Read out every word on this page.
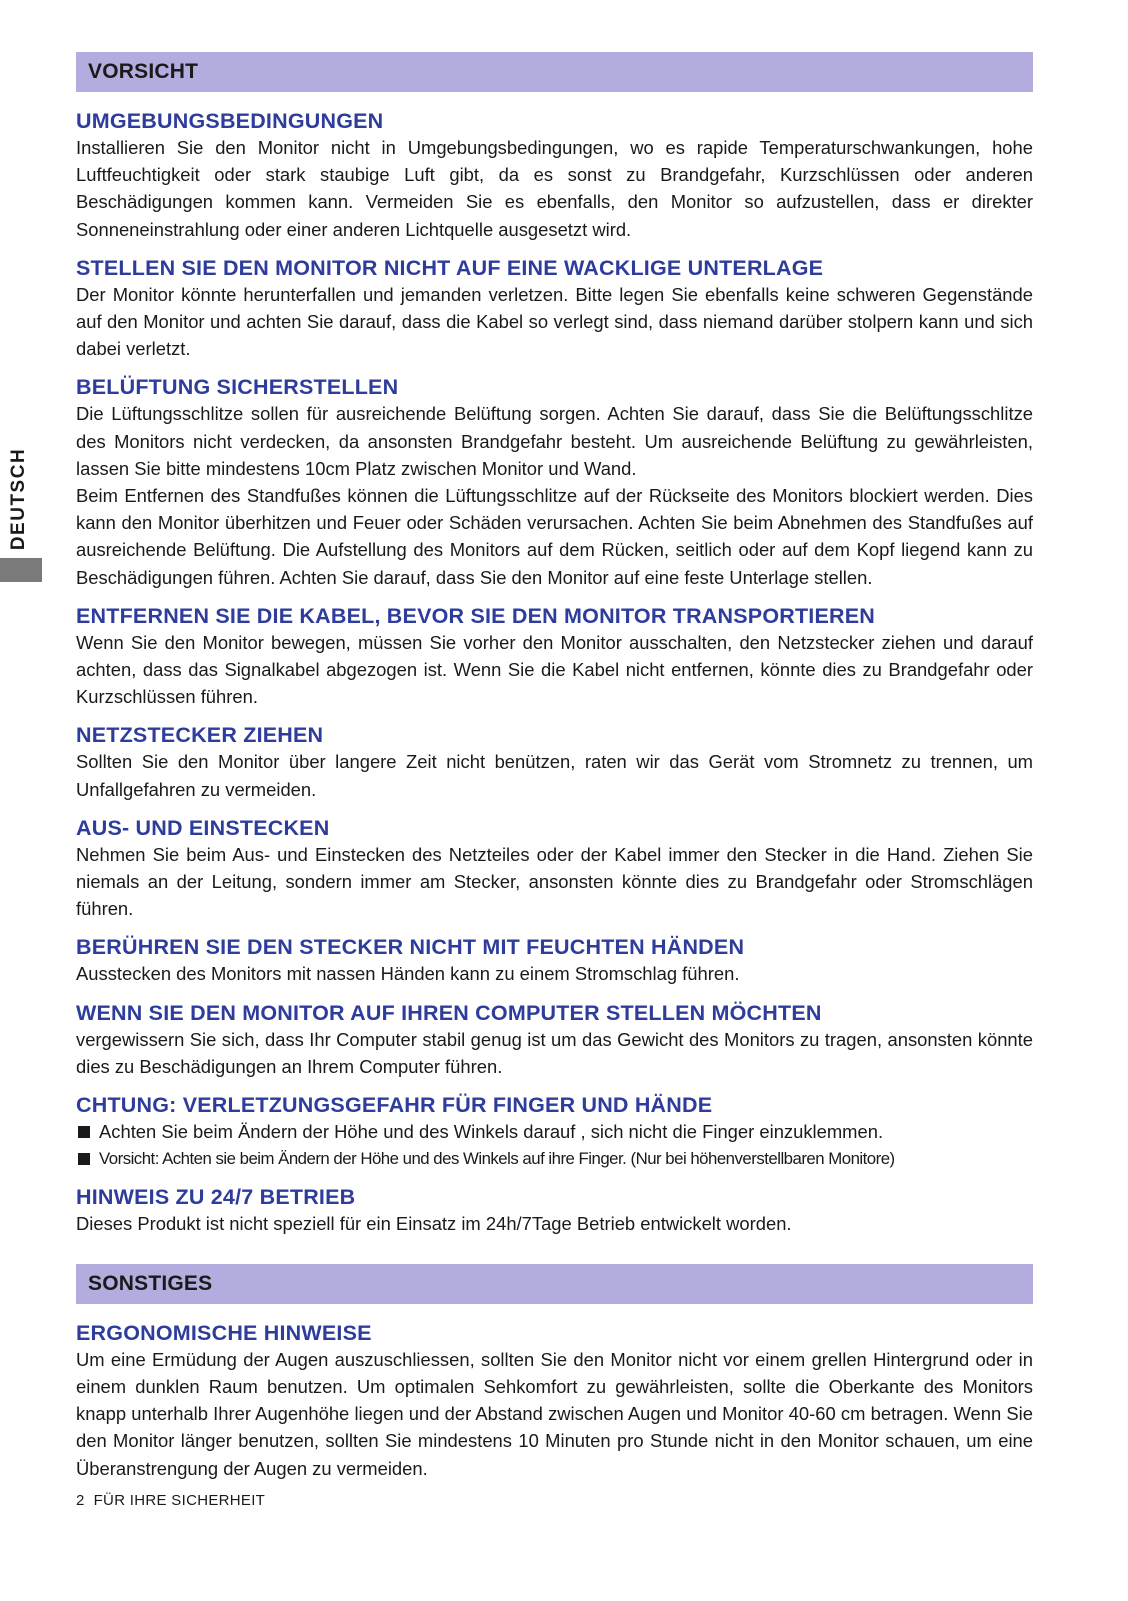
DEUTSCH
VORSICHT
UMGEBUNGSBEDINGUNGEN

Installieren Sie den Monitor nicht in Umgebungsbedingungen, wo es rapide Temperaturschwankungen, hohe Luftfeuchtigkeit oder stark staubige Luft gibt, da es sonst zu Brandgefahr, Kurzschlüssen oder anderen Beschädigungen kommen kann. Vermeiden Sie es ebenfalls, den Monitor so aufzustellen, dass er direkter Sonneneinstrahlung oder einer anderen Lichtquelle ausgesetzt wird.

STELLEN SIE DEN MONITOR NICHT AUF EINE WACKLIGE UNTERLAGE

Der Monitor könnte herunterfallen und jemanden verletzen. Bitte legen Sie ebenfalls keine schweren Gegenstände auf den Monitor und achten Sie darauf, dass die Kabel so verlegt sind, dass niemand darüber stolpern kann und sich dabei verletzt.

BELÜFTUNG SICHERSTELLEN

Die Lüftungsschlitze sollen für ausreichende Belüftung sorgen. Achten Sie darauf, dass Sie die Belüftungsschlitze des Monitors nicht verdecken, da ansonsten Brandgefahr besteht. Um ausreichende Belüftung zu gewährleisten, lassen Sie bitte mindestens 10cm Platz zwischen Monitor und Wand.

Beim Entfernen des Standfußes können die Lüftungsschlitze auf der Rückseite des Monitors blockiert werden. Dies kann den Monitor überhitzen und Feuer oder Schäden verursachen. Achten Sie beim Abnehmen des Standfußes auf ausreichende Belüftung. Die Aufstellung des Monitors auf dem Rücken, seitlich oder auf dem Kopf liegend kann zu Beschädigungen führen. Achten Sie darauf, dass Sie den Monitor auf eine feste Unterlage stellen.

ENTFERNEN SIE DIE KABEL, BEVOR SIE DEN MONITOR TRANSPORTIEREN

Wenn Sie den Monitor bewegen, müssen Sie vorher den Monitor ausschalten, den Netzstecker ziehen und darauf achten, dass das Signalkabel abgezogen ist. Wenn Sie die Kabel nicht entfernen, könnte dies zu Brandgefahr oder Kurzschlüssen führen.

NETZSTECKER ZIEHEN

Sollten Sie den Monitor über langere Zeit nicht benützen, raten wir das Gerät vom Stromnetz zu trennen, um Unfallgefahren zu vermeiden.

AUS- UND EINSTECKEN

Nehmen Sie beim Aus- und Einstecken des Netzteiles oder der Kabel immer den Stecker in die Hand. Ziehen Sie niemals an der Leitung, sondern immer am Stecker, ansonsten könnte dies zu Brandgefahr oder Stromschlägen führen.

BERÜHREN SIE DEN STECKER NICHT MIT FEUCHTEN HÄNDEN

Ausstecken des Monitors mit nassen Händen kann zu einem Stromschlag führen.

WENN SIE DEN MONITOR AUF IHREN COMPUTER STELLEN MÖCHTEN

vergewissern Sie sich, dass Ihr Computer stabil genug ist um das Gewicht des Monitors zu tragen, ansonsten könnte dies zu Beschädigungen an Ihrem Computer führen.

CHTUNG: VERLETZUNGSGEFAHR FÜR FINGER UND HÄNDE
Achten Sie beim Ändern der Höhe und des Winkels darauf , sich nicht die Finger einzuklemmen.
Vorsicht: Achten sie beim Ändern der Höhe und des Winkels auf ihre Finger. (Nur bei höhenverstellbaren Monitore)
HINWEIS ZU 24/7 BETRIEB

Dieses Produkt ist nicht speziell für ein Einsatz im 24h/7Tage Betrieb entwickelt worden.

SONSTIGES
ERGONOMISCHE HINWEISE

Um eine Ermüdung der Augen auszuschliessen, sollten Sie den Monitor nicht vor einem grellen Hintergrund oder in einem dunklen Raum benutzen. Um optimalen Sehkomfort zu gewährleisten, sollte die Oberkante des Monitors knapp unterhalb Ihrer Augenhöhe liegen und der Abstand zwischen Augen und Monitor 40-60 cm betragen. Wenn Sie den Monitor länger benutzen, sollten Sie mindestens 10 Minuten pro Stunde nicht in den Monitor schauen, um eine Überanstrengung der Augen zu vermeiden.

2 FÜR IHRE SICHERHEIT
